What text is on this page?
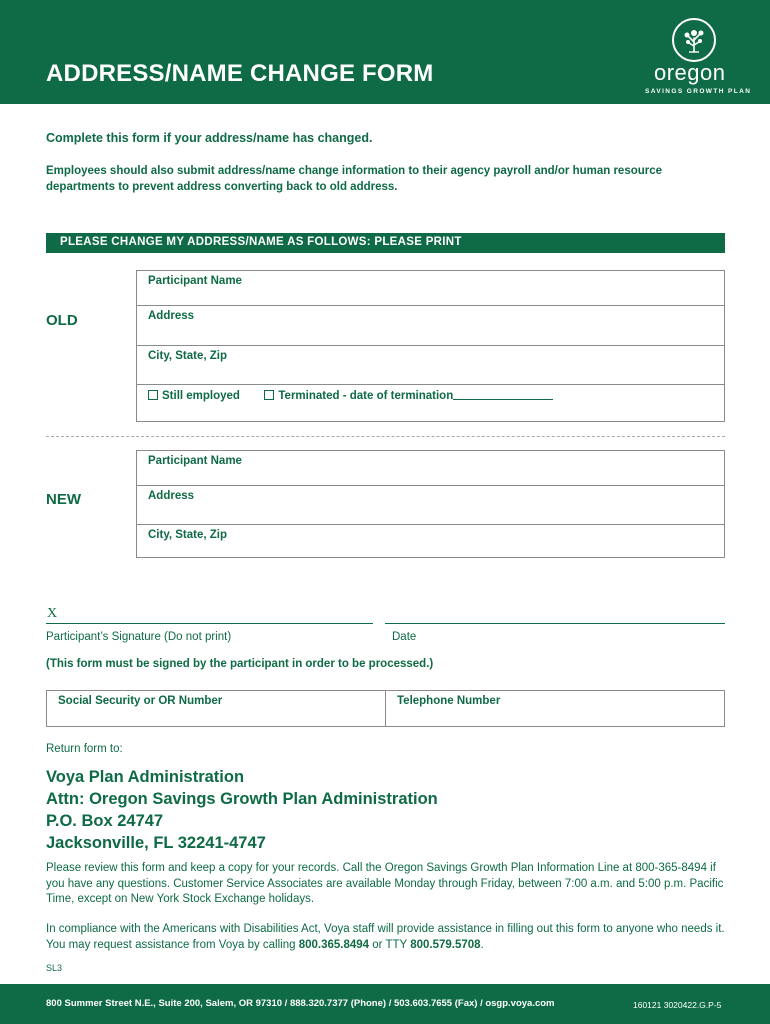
ADDRESS/NAME CHANGE FORM	oregon
SAVINGS GROWTH PLAN
Complete this form if your address/name has changed.
Employees should also submit address/name change information to their agency payroll and/or human resource departments to prevent address converting back to old address.
PLEASE CHANGE MY ADDRESS/NAME AS FOLLOWS: PLEASE PRINT
OLD
Participant Name
Address
City, State, Zip
Still employed	Terminated - date of termination
NEW
Participant Name
Address
City, State, Zip
X
Participant’s Signature (Do not print)	Date
(This form must be signed by the participant in order to be processed.)
Social Security or OR Number	Telephone Number
Return form to:
Voya Plan Administration
Attn: Oregon Savings Growth Plan Administration
P.O. Box 24747
Jacksonville, FL 32241-4747
Please review this form and keep a copy for your records. Call the Oregon Savings Growth Plan Information Line at 800-365-8494 if you have any questions. Customer Service Associates are available Monday through Friday, between 7:00 a.m. and 5:00 p.m. Pacific Time, except on New York Stock Exchange holidays.
In compliance with the Americans with Disabilities Act, Voya staff will provide assistance in filling out this form to anyone who needs it. You may request assistance from Voya by calling 800.365.8494 or TTY 800.579.5708.
SL3
800 Summer Street N.E., Suite 200, Salem, OR 97310 / 888.320.7377 (Phone) / 503.603.7655 (Fax) / osgp.voya.com	160121 3020422.G.P-5
